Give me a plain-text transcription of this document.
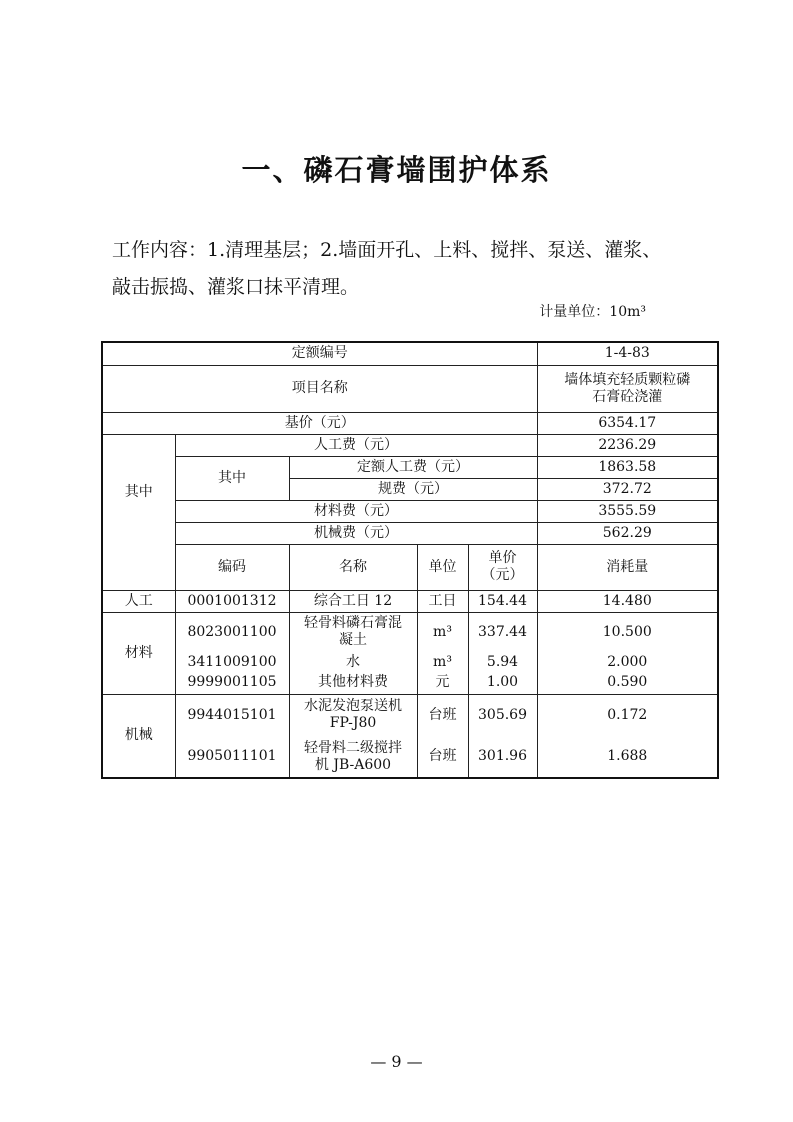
一、磷石膏墙围护体系
工作内容：1.清理基层；2.墙面开孔、上料、搅拌、泵送、灌浆、
敲击振捣、灌浆口抹平清理。
计量单位：10m³
定额编号					1-4-83
项目名称					墙体填充轻质颗粒磷
石膏砼浇灌

基价（元）					6354.17
其中	人工费（元）				2236.29
	其中	定额人工费（元）			1863.58
		规费（元）			372.72
	材料费（元）				3555.59
	机械费（元）				562.29
	编码	名称	单位	单价
（元）	消耗量
人工	0001001312	综合工日 12	工日	154.44	14.480
材料	8023001100	轻骨料磷石膏混
凝土	m³	337.44	10.500
	3411009100	水	m³	5.94	2.000
	9999001105	其他材料费	元	1.00	0.590
机械	9944015101	水泥发泡泵送机
FP-J80	台班	305.69	0.172
	9905011101	轻骨料二级搅拌
机 JB-A600	台班	301.96	1.688
— 9 —
